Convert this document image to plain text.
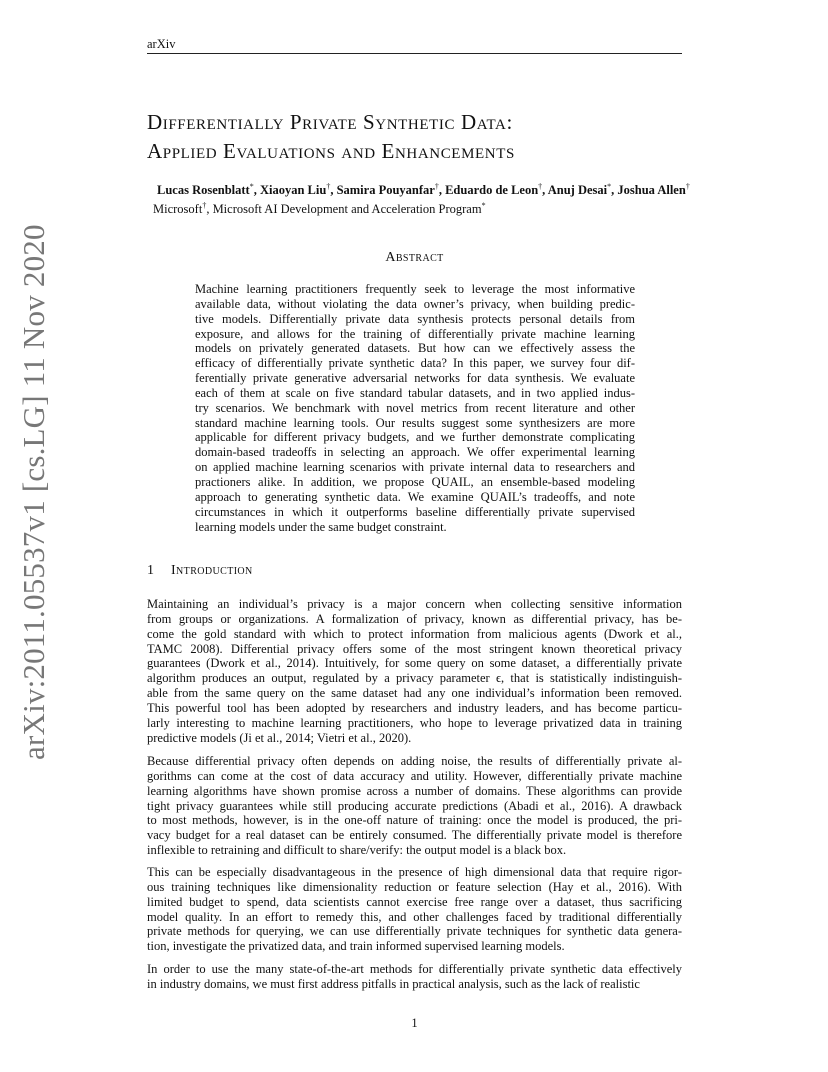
arXiv
arXiv:2011.05537v1 [cs.LG] 11 Nov 2020
Differentially Private Synthetic Data:
Applied Evaluations and Enhancements
Lucas Rosenblatt*, Xiaoyan Liu†, Samira Pouyanfar†, Eduardo de Leon†, Anuj Desai*, Joshua Allen†
Microsoft†, Microsoft AI Development and Acceleration Program*
Abstract
Machine learning practitioners frequently seek to leverage the most informative
available data, without violating the data owner’s privacy, when building predic-
tive models. Differentially private data synthesis protects personal details from
exposure, and allows for the training of differentially private machine learning
models on privately generated datasets. But how can we effectively assess the
efficacy of differentially private synthetic data? In this paper, we survey four dif-
ferentially private generative adversarial networks for data synthesis. We evaluate
each of them at scale on five standard tabular datasets, and in two applied indus-
try scenarios. We benchmark with novel metrics from recent literature and other
standard machine learning tools. Our results suggest some synthesizers are more
applicable for different privacy budgets, and we further demonstrate complicating
domain-based tradeoffs in selecting an approach. We offer experimental learning
on applied machine learning scenarios with private internal data to researchers and
practioners alike. In addition, we propose QUAIL, an ensemble-based modeling
approach to generating synthetic data. We examine QUAIL’s tradeoffs, and note
circumstances in which it outperforms baseline differentially private supervised
learning models under the same budget constraint.
1 Introduction
Maintaining an individual’s privacy is a major concern when collecting sensitive information
from groups or organizations. A formalization of privacy, known as differential privacy, has be-
come the gold standard with which to protect information from malicious agents (Dwork et al.,
TAMC 2008). Differential privacy offers some of the most stringent known theoretical privacy
guarantees (Dwork et al., 2014). Intuitively, for some query on some dataset, a differentially private
algorithm produces an output, regulated by a privacy parameter ϵ, that is statistically indistinguish-
able from the same query on the same dataset had any one individual’s information been removed.
This powerful tool has been adopted by researchers and industry leaders, and has become particu-
larly interesting to machine learning practitioners, who hope to leverage privatized data in training
predictive models (Ji et al., 2014; Vietri et al., 2020).
Because differential privacy often depends on adding noise, the results of differentially private al-
gorithms can come at the cost of data accuracy and utility. However, differentially private machine
learning algorithms have shown promise across a number of domains. These algorithms can provide
tight privacy guarantees while still producing accurate predictions (Abadi et al., 2016). A drawback
to most methods, however, is in the one-off nature of training: once the model is produced, the pri-
vacy budget for a real dataset can be entirely consumed. The differentially private model is therefore
inflexible to retraining and difficult to share/verify: the output model is a black box.
This can be especially disadvantageous in the presence of high dimensional data that require rigor-
ous training techniques like dimensionality reduction or feature selection (Hay et al., 2016). With
limited budget to spend, data scientists cannot exercise free range over a dataset, thus sacrificing
model quality. In an effort to remedy this, and other challenges faced by traditional differentially
private methods for querying, we can use differentially private techniques for synthetic data genera-
tion, investigate the privatized data, and train informed supervised learning models.
In order to use the many state-of-the-art methods for differentially private synthetic data effectively
in industry domains, we must first address pitfalls in practical analysis, such as the lack of realistic
1
